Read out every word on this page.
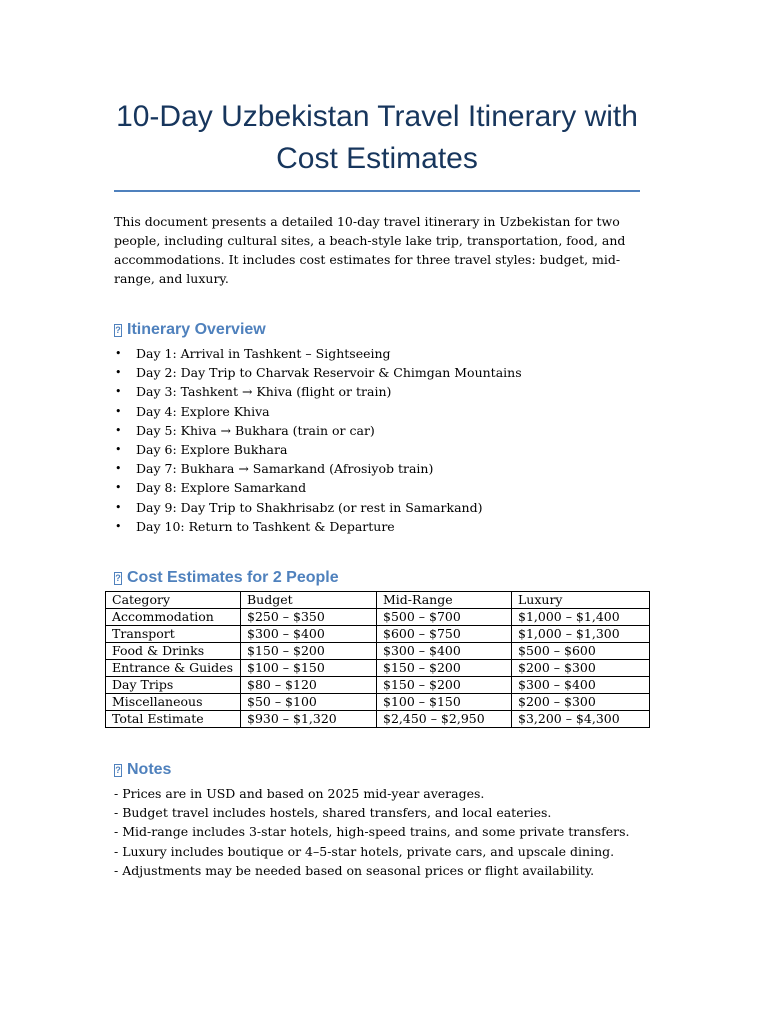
10-Day Uzbekistan Travel Itinerary with Cost Estimates

This document presents a detailed 10-day travel itinerary in Uzbekistan for two people, including cultural sites, a beach-style lake trip, transportation, food, and accommodations. It includes cost estimates for three travel styles: budget, mid-range, and luxury.

?
Itinerary Overview
• Day 1: Arrival in Tashkent – Sightseeing
• Day 2: Day Trip to Charvak Reservoir & Chimgan Mountains
• Day 3: Tashkent → Khiva (flight or train)
• Day 4: Explore Khiva
• Day 5: Khiva → Bukhara (train or car)
• Day 6: Explore Bukhara
• Day 7: Bukhara → Samarkand (Afrosiyob train)
• Day 8: Explore Samarkand
• Day 9: Day Trip to Shakhrisabz (or rest in Samarkand)
• Day 10: Return to Tashkent & Departure
?
Cost Estimates for 2 People
Category	Budget	Mid-Range	Luxury
Accommodation	$250 – $350	$500 – $700	$1,000 – $1,400
Transport	$300 – $400	$600 – $750	$1,000 – $1,300
Food & Drinks	$150 – $200	$300 – $400	$500 – $600
Entrance & Guides	$100 – $150	$150 – $200	$200 – $300
Day Trips	$80 – $120	$150 – $200	$300 – $400
Miscellaneous	$50 – $100	$100 – $150	$200 – $300
Total Estimate	$930 – $1,320	$2,450 – $2,950	$3,200 – $4,300
?
Notes
- Prices are in USD and based on 2025 mid-year averages.
- Budget travel includes hostels, shared transfers, and local eateries.
- Mid-range includes 3-star hotels, high-speed trains, and some private transfers.
- Luxury includes boutique or 4–5-star hotels, private cars, and upscale dining.
- Adjustments may be needed based on seasonal prices or flight availability.
